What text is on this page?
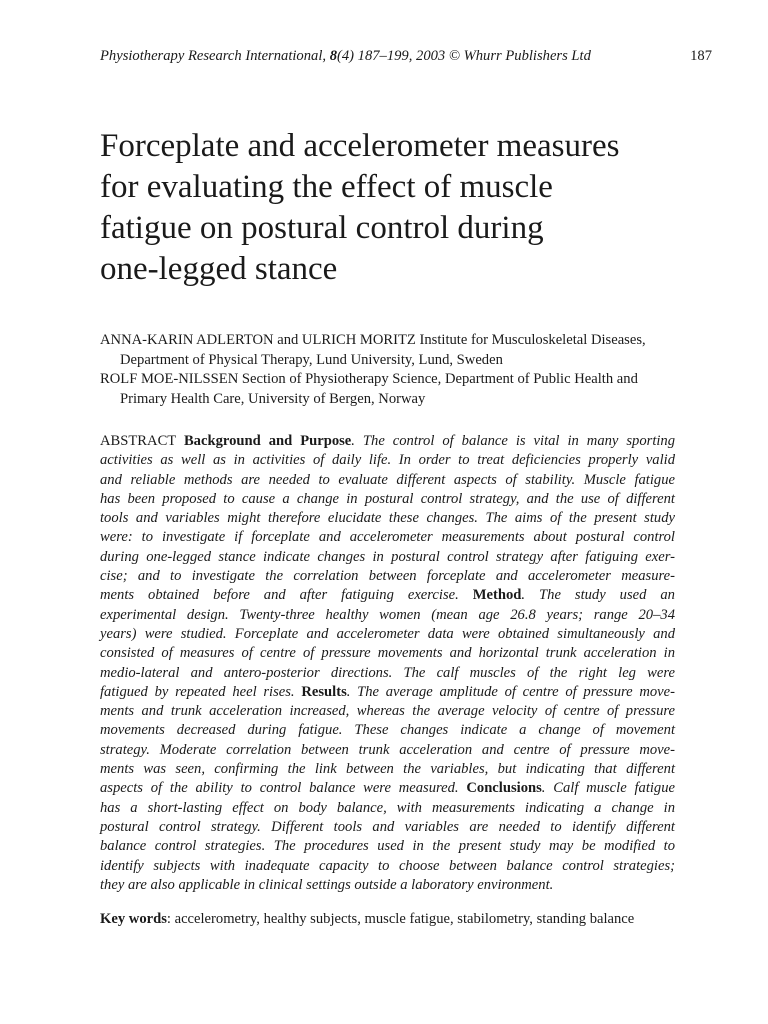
Physiotherapy Research International, 8(4) 187–199, 2003 © Whurr Publishers Ltd	187
Forceplate and accelerometer measures
for evaluating the effect of muscle
fatigue on postural control during
one-legged stance
ANNA-KARIN ADLERTON and ULRICH MORITZ Institute for Musculoskeletal Diseases, Department of Physical Therapy, Lund University, Lund, Sweden
ROLF MOE-NILSSEN Section of Physiotherapy Science, Department of Public Health and Primary Health Care, University of Bergen, Norway
ABSTRACT Background and Purpose. The control of balance is vital in many sporting
activities as well as in activities of daily life. In order to treat deficiencies properly valid
and reliable methods are needed to evaluate different aspects of stability. Muscle fatigue
has been proposed to cause a change in postural control strategy, and the use of different
tools and variables might therefore elucidate these changes. The aims of the present study
were: to investigate if forceplate and accelerometer measurements about postural control
during one-legged stance indicate changes in postural control strategy after fatiguing exer-
cise; and to investigate the correlation between forceplate and accelerometer measure-
ments obtained before and after fatiguing exercise. Method. The study used an
experimental design. Twenty-three healthy women (mean age 26.8 years; range 20–34
years) were studied. Forceplate and accelerometer data were obtained simultaneously and
consisted of measures of centre of pressure movements and horizontal trunk acceleration in
medio-lateral and antero-posterior directions. The calf muscles of the right leg were
fatigued by repeated heel rises. Results. The average amplitude of centre of pressure move-
ments and trunk acceleration increased, whereas the average velocity of centre of pressure
movements decreased during fatigue. These changes indicate a change of movement
strategy. Moderate correlation between trunk acceleration and centre of pressure move-
ments was seen, confirming the link between the variables, but indicating that different
aspects of the ability to control balance were measured. Conclusions. Calf muscle fatigue
has a short-lasting effect on body balance, with measurements indicating a change in
postural control strategy. Different tools and variables are needed to identify different
balance control strategies. The procedures used in the present study may be modified to
identify subjects with inadequate capacity to choose between balance control strategies;
they are also applicable in clinical settings outside a laboratory environment.
Key words: accelerometry, healthy subjects, muscle fatigue, stabilometry, standing balance
